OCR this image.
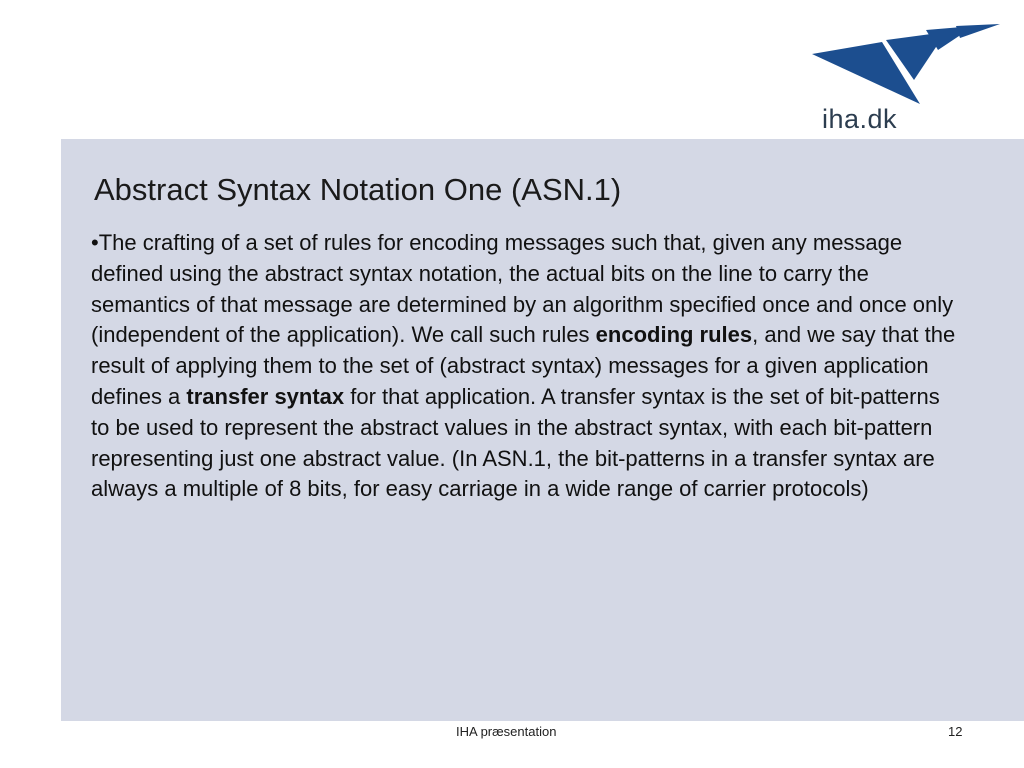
iha.dk
Abstract Syntax Notation One (ASN.1)

•The crafting of a set of rules for encoding messages such that, given any message defined using the abstract syntax notation, the actual bits on the line to carry the semantics of that message are determined by an algorithm specified once and once only (independent of the application). We call such rules encoding rules, and we say that the result of applying them to the set of (abstract syntax) messages for a given application defines a transfer syntax for that application. A transfer syntax is the set of bit-patterns to be used to represent the abstract values in the abstract syntax, with each bit-pattern representing just one abstract value. (In ASN.1, the bit-patterns in a transfer syntax are always a multiple of 8 bits, for easy carriage in a wide range of carrier protocols)

IHA præsentation	12
